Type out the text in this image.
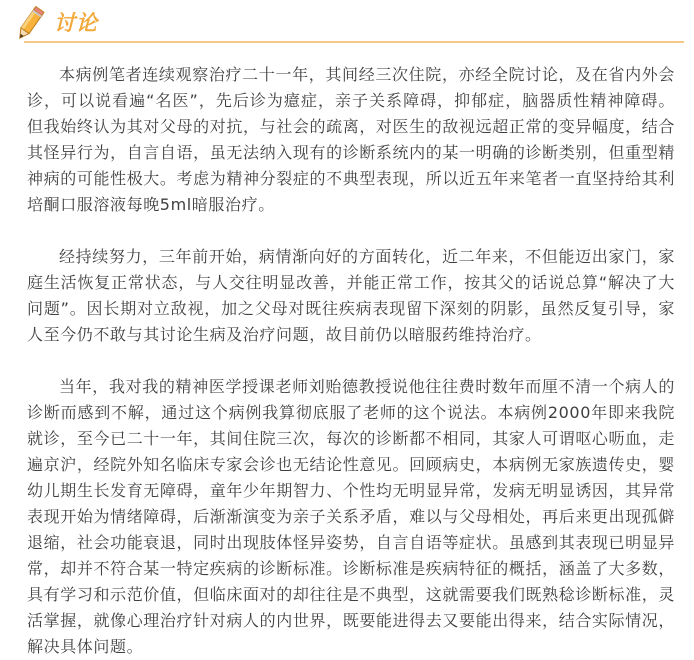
讨论

本病例笔者连续观察治疗二十一年，其间经三次住院，亦经全院讨论，及在省内外会诊，可以说看遍“名医”，先后诊为癔症，亲子关系障碍，抑郁症，脑器质性精神障碍。但我始终认为其对父母的对抗，与社会的疏离，对医生的敌视远超正常的变异幅度，结合其怪异行为，自言自语，虽无法纳入现有的诊断系统内的某一明确的诊断类别，但重型精神病的可能性极大。考虑为精神分裂症的不典型表现，所以近五年来笔者一直坚持给其利培酮口服溶液每晚5ml暗服治疗。

经持续努力，三年前开始，病情渐向好的方面转化，近二年来，不但能迈出家门，家庭生活恢复正常状态，与人交往明显改善，并能正常工作，按其父的话说总算“解决了大问题”。因长期对立敌视，加之父母对既往疾病表现留下深刻的阴影，虽然反复引导，家人至今仍不敢与其讨论生病及治疗问题，故目前仍以暗服药维持治疗。

当年，我对我的精神医学授课老师刘贻德教授说他往往费时数年而厘不清一个病人的诊断而感到不解，通过这个病例我算彻底服了老师的这个说法。本病例2000年即来我院就诊，至今已二十一年，其间住院三次，每次的诊断都不相同，其家人可谓呕心呖血，走遍京沪，经院外知名临床专家会诊也无结论性意见。回顾病史，本病例无家族遗传史，婴幼儿期生长发育无障碍，童年少年期智力、个性均无明显异常，发病无明显诱因，其异常表现开始为情绪障碍，后渐渐演变为亲子关系矛盾，难以与父母相处，再后来更出现孤僻退缩，社会功能衰退，同时出现肢体怪异姿势，自言自语等症状。虽感到其表现已明显异常，却并不符合某一特定疾病的诊断标准。诊断标准是疾病特征的概括，涵盖了大多数，具有学习和示范价值，但临床面对的却往往是不典型，这就需要我们既熟稔诊断标准，灵活掌握，就像心理治疗针对病人的内世界，既要能进得去又要能出得来，结合实际情况，解决具体问题。
